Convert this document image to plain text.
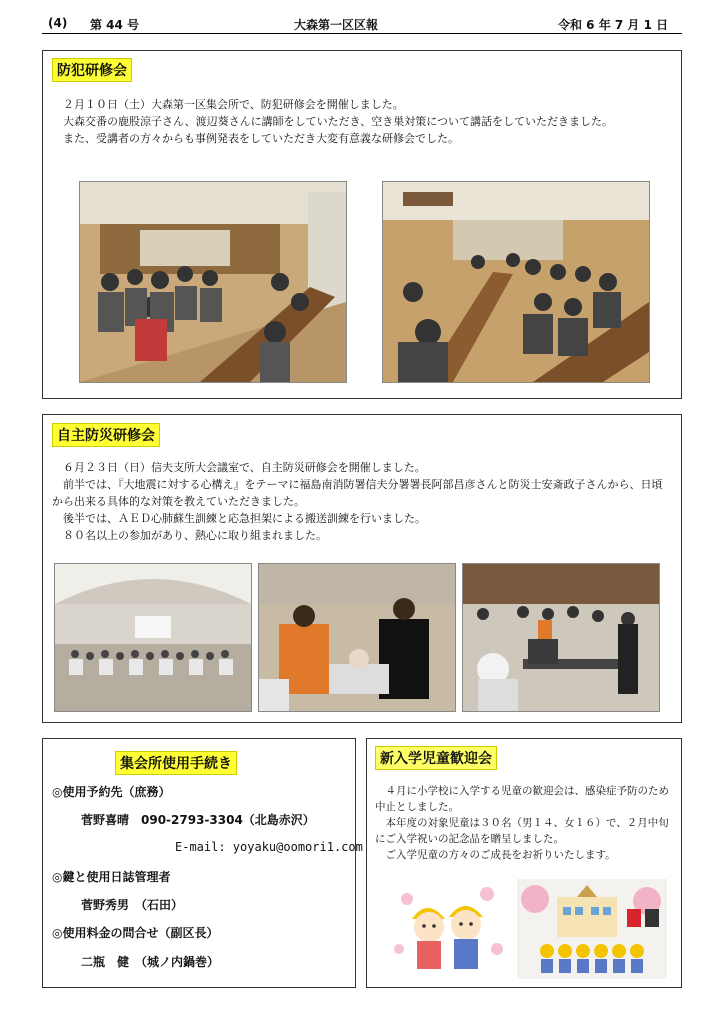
(4) 第 44 号	大森第一区区報	令和 6 年 7 月 1 日
防犯研修会

２月１０日（土）大森第一区集会所で、防犯研修会を開催しました。

大森交番の鹿股涼子さん、渡辺葵さんに講師をしていただき、空き巣対策について講話をしていただきました。

また、受講者の方々からも事例発表をしていただき大変有意義な研修会でした。

自主防災研修会

６月２３日（日）信夫支所大会議室で、自主防災研修会を開催しました。

前半では、『大地震に対する心構え』をテーマに福島南消防署信夫分署署長阿部昌彦さんと防災士安斎政子さんから、日頃から出来る具体的な対策を教えていただきました。

後半では、ＡＥＤ心肺蘇生訓練と応急担架による搬送訓練を行いました。

８０名以上の参加があり、熱心に取り組まれました。

集会所使用手続き
◎使用予約先（庶務）
菅野喜晴　090-2793-3304（北島赤沢）
E-mail: yoyaku@oomori1.com
◎鍵と使用日誌管理者
菅野秀男　（石田）
◎使用料金の問合せ（副区長）
二瓶　健　（城ノ内鍋巻）
新入学児童歓迎会

４月に小学校に入学する児童の歓迎会は、感染症予防のため中止としました。

本年度の対象児童は３０名（男１４、女１６）で、２月中旬にご入学祝いの記念品を贈呈しました。

ご入学児童の方々のご成長をお祈りいたします。
